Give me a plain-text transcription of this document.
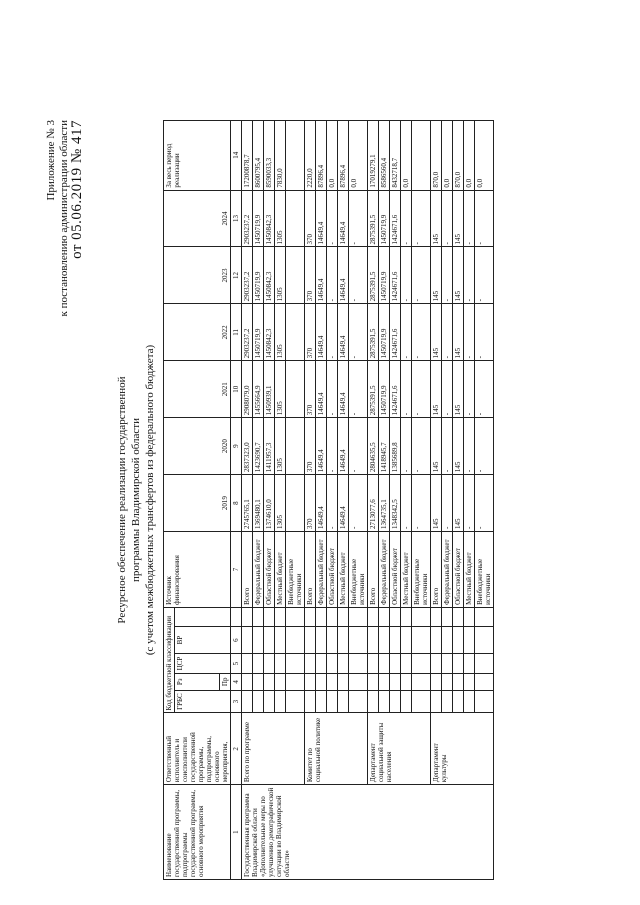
Приложение № 3 к постановлению администрации области от 05.06.2019 № 417
Ресурсное обеспечение реализации государственной программы Владимирской области (с учетом межбюджетных трансфертов из федерального бюджета)
Наименование государственной программы, подпрограммы государственной программы, основного мероприятия	Ответственный исполнитель и соисполнители государственной программы, подпрограммы, основного мероприятия,	Код бюджетной классификации					Источник финансирования	2019	2020	2021	2022	2023	2024	За весь период реализации
		ГРБС	Рз	ЦСР	ВР									
			Пр											
1	2	3	4	5	6		7	8	9	10	11	12	13	14
Государственная программа Владимирской области «Дополнительные меры по улучшению демографической ситуации во Владимирской области»	Всего по программе						Всего	2745765,1	2837323,0	2908079,0	2903237,2	2903237,2	2903237,2	17200878,7
							Федеральный бюджет	1369480,1	1423690,7	1455664,9	1450719,9	1450719,9	1450719,9	8600795,4
							Областной бюджет	1374610,0	1411957,3	1450939,1	1450842,3	1450842,3	1450842,3	8590033,3
							Местный бюджет	1305	1305	1305	1305	1305	1305	7830,0
							Внебюджетные источники							
	Комитет по социальной политике						Всего	370	370	370	370	370	370	2220,0
							Федеральный бюджет	14649,4	14649,4	14649,4	14649,4	14649,4	14649,4	87896,4
							Областной бюджет	-	-	-	-	-	-	0,0
							Местный бюджет	14649,4	14649,4	14649,4	14649,4	14649,4	14649,4	87896,4
							Внебюджетные источники	-	-	-	-	-	-	0,0
	Департамент социальной защиты населения						Всего	2713077,6	2804635,5	2875391,5	2875391,5	2875391,5	2875391,5	17019279,1
							Федеральный бюджет	1364735,1	1418945,7	1450719,9	1450719,9	1450719,9	1450719,9	8586560,4
							Областной бюджет	1348342,5	1385689,8	1424671,6	1424671,6	1424671,6	1424671,6	8432718,7
							Местный бюджет	-	-	-	-	-	-	0,0
							Внебюджетные источники	-	-	-	-	-	-	
	Департамент культуры						Всего	145	145	145	145	145	145	870,0
							Федеральный бюджет	-	-	-	-	-	-	0,0
							Областной бюджет	145	145	145	145	145	145	870,0
							Местный бюджет	-	-	-	-	-	-	0,0
							Внебюджетные источники	-	-	-	-	-	-	0,0
